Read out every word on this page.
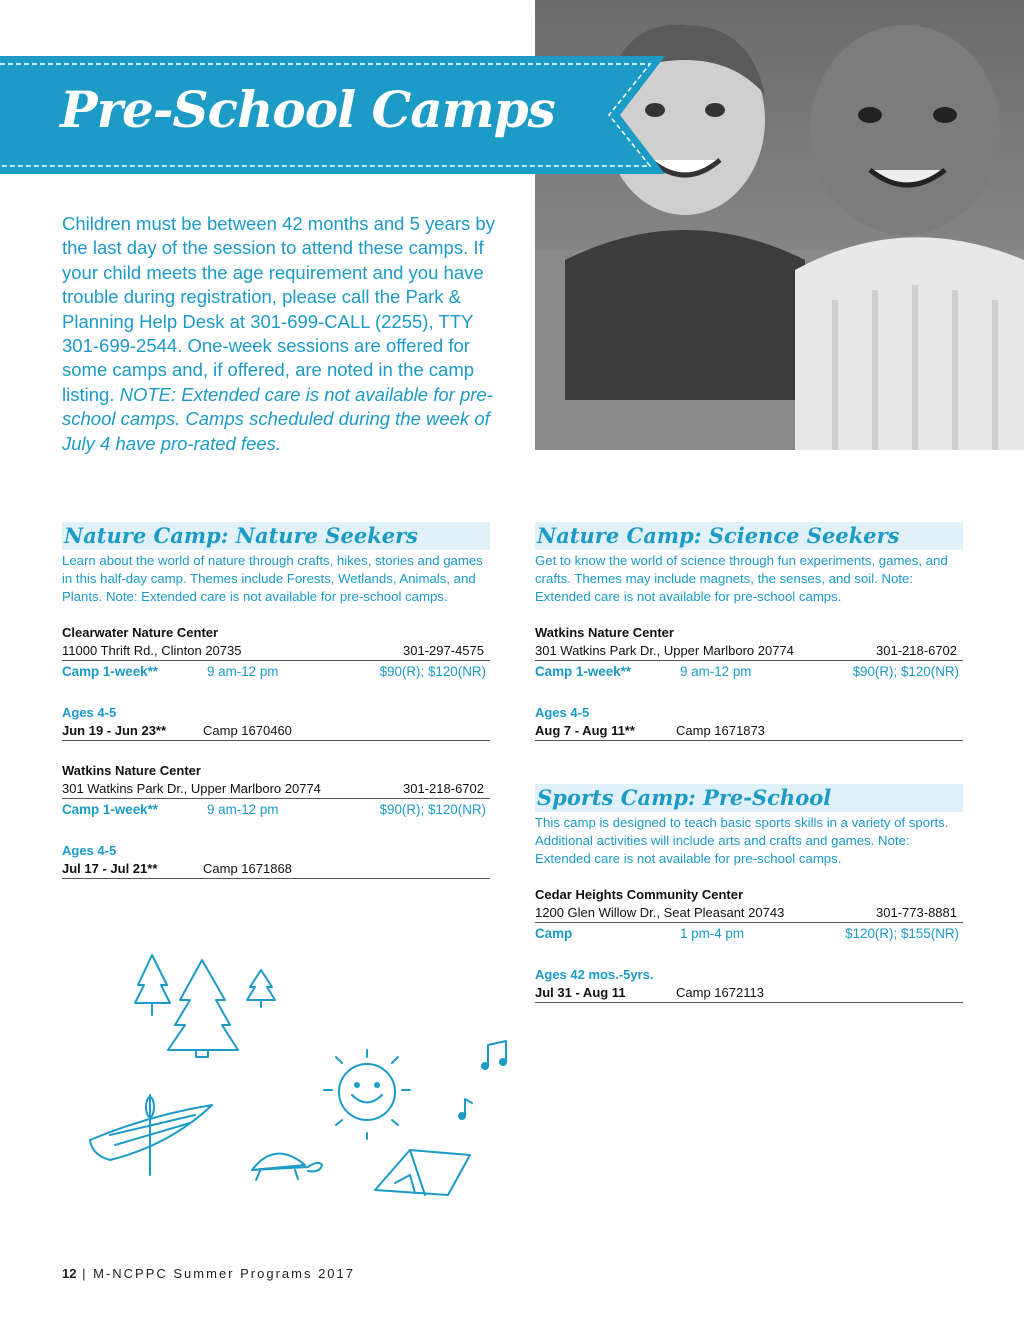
Pre-School Camps
Children must be between 42 months and 5 years by the last day of the session to attend these camps. If your child meets the age requirement and you have trouble during registration, please call the Park & Planning Help Desk at 301-699-CALL (2255), TTY 301-699-2544. One-week sessions are offered for some camps and, if offered, are noted in the camp listing. NOTE: Extended care is not available for pre-school camps. Camps scheduled during the week of July 4 have pro-rated fees.
Nature Camp: Nature Seekers
Learn about the world of nature through crafts, hikes, stories and games in this half-day camp. Themes include Forests, Wetlands, Animals, and Plants. Note: Extended care is not available for pre-school camps.
Clearwater Nature Center
11000 Thrift Rd., Clinton 20735	301-297-4575
Camp 1-week**	9 am-12 pm	$90(R); $120(NR)
Ages 4-5
Jun 19 - Jun 23**	Camp 1670460
Watkins Nature Center
301 Watkins Park Dr., Upper Marlboro 20774	301-218-6702
Camp 1-week**	9 am-12 pm	$90(R); $120(NR)
Ages 4-5
Jul 17 - Jul 21**	Camp 1671868
Nature Camp: Science Seekers
Get to know the world of science through fun experiments, games, and crafts. Themes may include magnets, the senses, and soil. Note: Extended care is not available for pre-school camps.
Watkins Nature Center
301 Watkins Park Dr., Upper Marlboro 20774	301-218-6702
Camp 1-week**	9 am-12 pm	$90(R); $120(NR)
Ages 4-5
Aug 7 - Aug 11**	Camp 1671873
Sports Camp: Pre-School
This camp is designed to teach basic sports skills in a variety of sports. Additional activities will include arts and crafts and games. Note: Extended care is not available for pre-school camps.
Cedar Heights Community Center
1200 Glen Willow Dr., Seat Pleasant 20743	301-773-8881
Camp	1 pm-4 pm	$120(R); $155(NR)
Ages 42 mos.-5yrs.
Jul 31 - Aug 11	Camp 1672113
12 | M-NCPPC Summer Programs 2017
